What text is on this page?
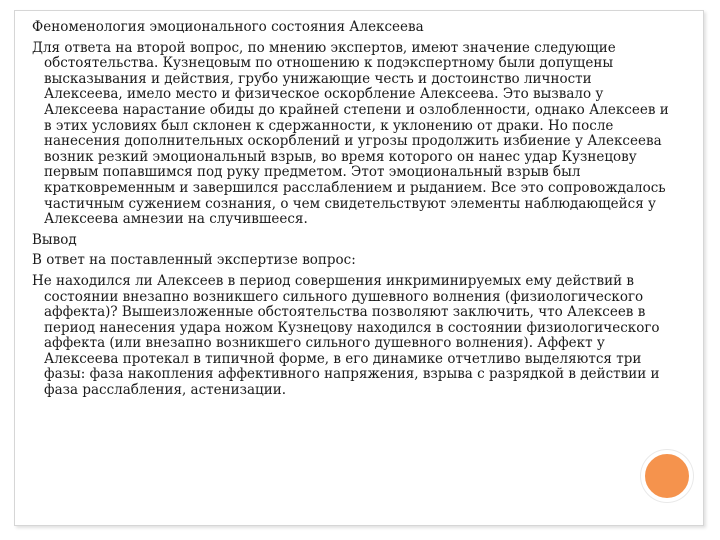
Феноменология эмоционального состояния Алексеева

Для ответа на второй вопрос, по мнению экспертов, имеют значение следующие обстоятельства. Кузнецовым по отношению к подэкспертному были допущены высказывания и действия, грубо унижающие честь и достоинство личности Алексеева, имело место и физическое оскорбление Алексеева. Это вызвало у Алексеева нарастание обиды до крайней степени и озлобленности, однако Алексеев и в этих условиях был склонен к сдержанности, к уклонению от драки. Но после нанесения дополнительных оскорблений и угрозы продолжить избиение у Алексеева возник резкий эмоциональный взрыв, во время которого он нанес удар Кузнецову первым попавшимся под руку предметом. Этот эмоциональный взрыв был кратковременным и завершился расслаблением и рыданием. Все это сопровождалось частичным сужением сознания, о чем свидетельствуют элементы наблюдающейся у Алексеева амнезии на случившееся.

Вывод

В ответ на поставленный экспертизе вопрос:

Не находился ли Алексеев в период совершения инкриминируемых ему действий в состоянии внезапно возникшего сильного душевного волнения (физиологического аффекта)? Вышеизложенные обстоятельства позволяют заключить, что Алексеев в период нанесения удара ножом Кузнецову находился в состоянии физиологического аффекта (или внезапно возникшего сильного душевного волнения). Аффект у Алексеева протекал в типичной форме, в его динамике отчетливо выделяются три фазы: фаза накопления аффективного напряжения, взрыва с разрядкой в действии и фаза расслабления, астенизации.
